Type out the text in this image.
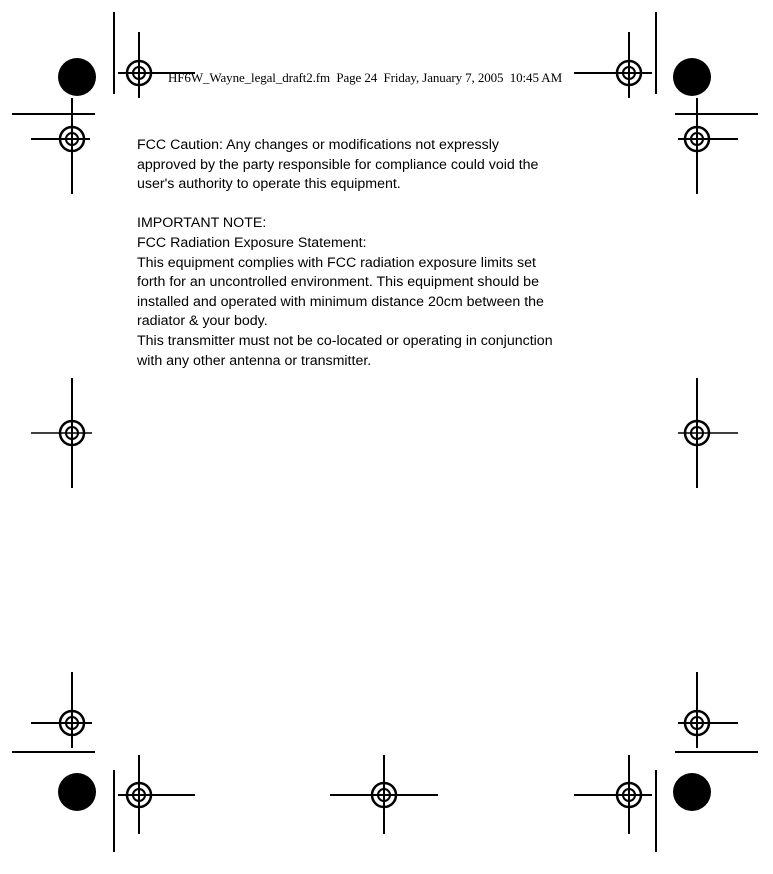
HF6W_Wayne_legal_draft2.fm  Page 24  Friday, January 7, 2005  10:45 AM

FCC Caution: Any changes or modifications not expressly

approved by the party responsible for compliance could void the

user's authority to operate this equipment.

IMPORTANT NOTE:

FCC Radiation Exposure Statement:

This equipment complies with FCC radiation exposure limits set

forth for an uncontrolled environment. This equipment should be

installed and operated with minimum distance 20cm between the

radiator & your body.

This transmitter must not be co-located or operating in conjunction

with any other antenna or transmitter.
